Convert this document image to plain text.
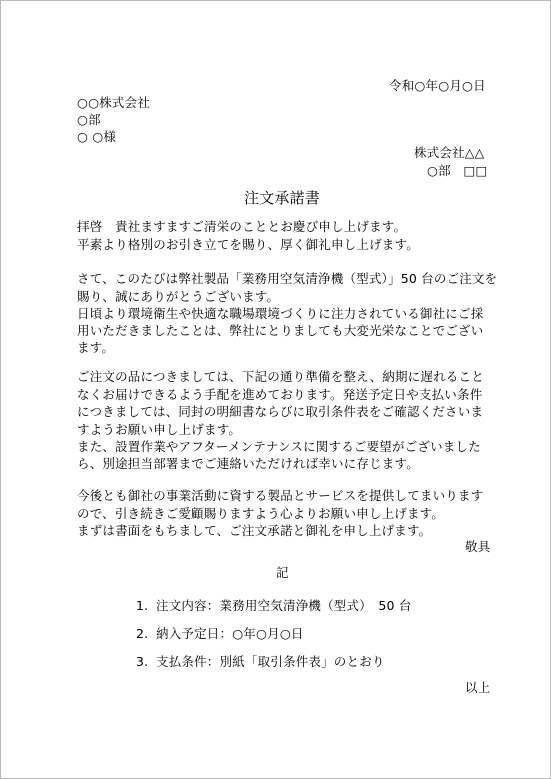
令和○年○月○日
○○株式会社
○部
○ ○様
株式会社△△
○部　□□
注文承諾書
拝啓　貴社ますますご清栄のこととお慶び申し上げます。
平素より格別のお引き立てを賜り、厚く御礼申し上げます。
さて、このたびは弊社製品「業務用空気清浄機（型式）」50 台のご注文を
賜り、誠にありがとうございます。
日頃より環境衛生や快適な職場環境づくりに注力されている御社にご採
用いただきましたことは、弊社にとりましても大変光栄なことでござい
ます。
ご注文の品につきましては、下記の通り準備を整え、納期に遅れること
なくお届けできるよう手配を進めております。発送予定日や支払い条件
につきましては、同封の明細書ならびに取引条件表をご確認くださいま
すようお願い申し上げます。
また、設置作業やアフターメンテナンスに関するご要望がございました
ら、別途担当部署までご連絡いただければ幸いに存じます。
今後とも御社の事業活動に資する製品とサービスを提供してまいります
ので、引き続きご愛顧賜りますよう心よりお願い申し上げます。
まずは書面をもちまして、ご注文承諾と御礼を申し上げます。
敬具
記
1. 注文内容：業務用空気清浄機（型式）　50 台
2. 納入予定日：○年○月○日
3. 支払条件：別紙「取引条件表」のとおり
以上
